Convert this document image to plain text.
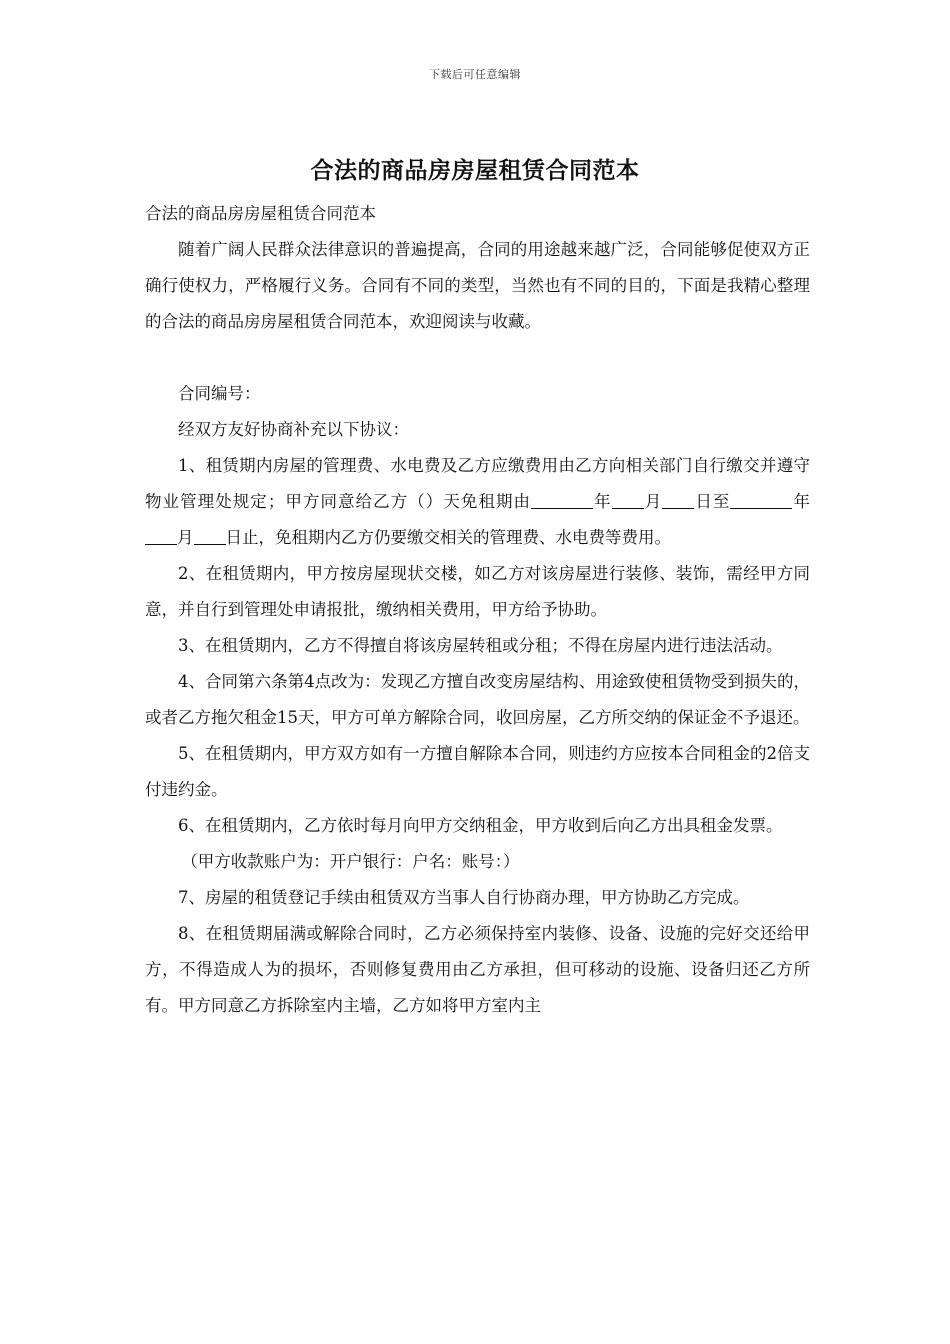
下载后可任意编辑
合法的商品房房屋租赁合同范本

合法的商品房房屋租赁合同范本

随着广阔人民群众法律意识的普遍提高，合同的用途越来越广泛，合同能够促使双方正确行使权力，严格履行义务。合同有不同的类型，当然也有不同的目的，下面是我精心整理的合法的商品房房屋租赁合同范本，欢迎阅读与收藏。

合同编号：

经双方友好协商补充以下协议：

1、租赁期内房屋的管理费、水电费及乙方应缴费用由乙方向相关部门自行缴交并遵守物业管理处规定；甲方同意给乙方（）天免租期由	年 月 日至	年月 日止，免租期内乙方仍要缴交相关的管理费、水电费等费用。

2、在租赁期内，甲方按房屋现状交楼，如乙方对该房屋进行装修、装饰，需经甲方同意，并自行到管理处申请报批，缴纳相关费用，甲方给予协助。

3、在租赁期内，乙方不得擅自将该房屋转租或分租；不得在房屋内进行违法活动。

4、合同第六条第4点改为：发现乙方擅自改变房屋结构、用途致使租赁物受到损失的，或者乙方拖欠租金15天，甲方可单方解除合同，收回房屋，乙方所交纳的保证金不予退还。

5、在租赁期内，甲方双方如有一方擅自解除本合同，则违约方应按本合同租金的2倍支付违约金。

6、在租赁期内，乙方依时每月向甲方交纳租金，甲方收到后向乙方出具租金发票。

（甲方收款账户为：开户银行：户名：账号：）

7、房屋的租赁登记手续由租赁双方当事人自行协商办理，甲方协助乙方完成。

8、在租赁期届满或解除合同时，乙方必须保持室内装修、设备、设施的完好交还给甲方，不得造成人为的损坏，否则修复费用由乙方承担，但可移动的设施、设备归还乙方所有。甲方同意乙方拆除室内主墙，乙方如将甲方室内主
